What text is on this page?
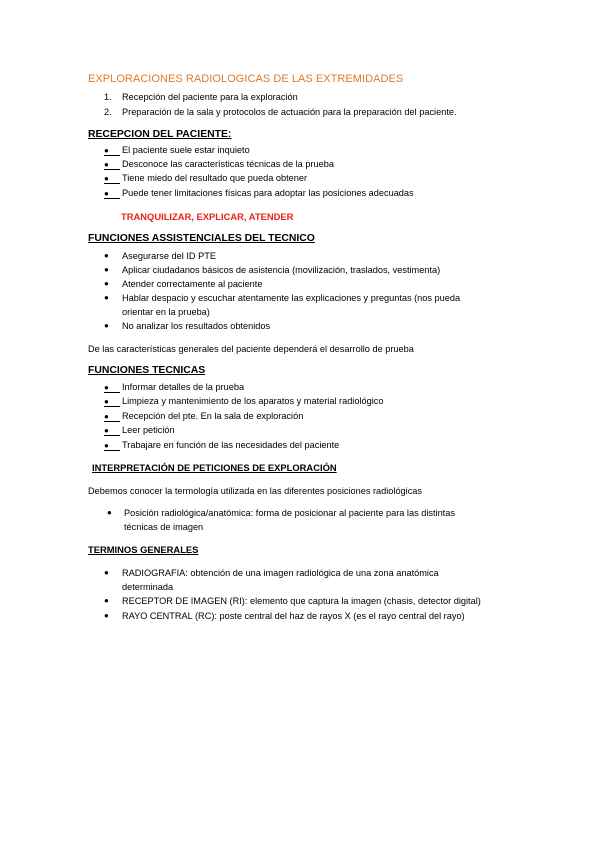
EXPLORACIONES RADIOLOGICAS DE LAS EXTREMIDADES
1. Recepción del paciente para la exploración
2. Preparación de la sala y protocolos de actuación para la preparación del paciente.
RECEPCION DEL PACIENTE:
●	El paciente suele estar inquieto
●	Desconoce las características técnicas de la prueba
●	Tiene miedo del resultado que pueda obtener
●	Puede tener limitaciones físicas para adoptar las posiciones adecuadas
TRANQUILIZAR, EXPLICAR, ATENDER
FUNCIONES ASSISTENCIALES DEL TECNICO
● Asegurarse del ID PTE
● Aplicar ciudadanos básicos de asistencia (movilización, traslados, vestimenta)
● Atender correctamente al paciente
● Hablar despacio y escuchar atentamente las explicaciones y preguntas (nos pueda
orientar en la prueba)
● No analizar los resultados obtenidos
De las características generales del paciente dependerá el desarrollo de prueba
FUNCIONES TECNICAS
●	Informar detalles de la prueba
●	Limpieza y mantenimiento de los aparatos y material radiológico
●	Recepción del pte. En la sala de exploración
●	Leer petición
●	Trabajare en función de las necesidades del paciente
INTERPRETACIÓN DE PETICIONES DE EXPLORACIÓN
Debemos conocer la termología utilizada en las diferentes posiciones radiológicas
● Posición radiológica/anatómica: forma de posicionar al paciente para las distintas
técnicas de imagen
TERMINOS GENERALES
● RADIOGRAFIA: obtención de una imagen radiológica de una zona anatómica
determinada
● RECEPTOR DE IMAGEN (RI): elemento que captura la imagen (chasis, detector digital)
● RAYO CENTRAL (RC): poste central del haz de rayos X (es el rayo central del rayo)
